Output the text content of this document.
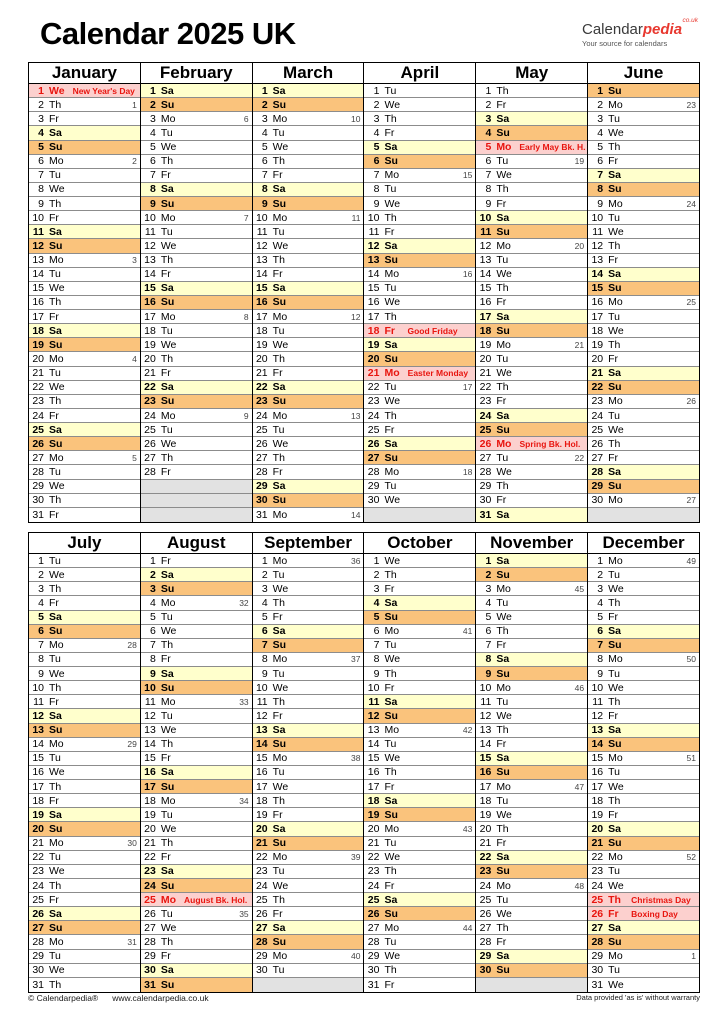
Calendar 2025 UK	Calendarpedia
co.uk
Your source for calendars
January
1 We New Year's Day
2 Th	1
3 Fr
4 Sa
5 Su
6 Mo	2
7 Tu
8 We
9 Th
10 Fr
11 Sa
12 Su
13 Mo	3
14 Tu
15 We
16 Th
17 Fr
18 Sa
19 Su
20 Mo	4
21 Tu
22 We
23 Th
24 Fr
25 Sa
26 Su
27 Mo	5
28 Tu
29 We
30 Th
31 Fr
February
1 Sa
2 Su
3 Mo	6
4 Tu
5 We
6 Th
7 Fr
8 Sa
9 Su
10 Mo	7
11 Tu
12 We
13 Th
14 Fr
15 Sa
16 Su
17 Mo	8
18 Tu
19 We
20 Th
21 Fr
22 Sa
23 Su
24 Mo	9
25 Tu
26 We
27 Th
28 Fr
March
1 Sa
2 Su
3 Mo	10
4 Tu
5 We
6 Th
7 Fr
8 Sa
9 Su
10 Mo	11
11 Tu
12 We
13 Th
14 Fr
15 Sa
16 Su
17 Mo	12
18 Tu
19 We
20 Th
21 Fr
22 Sa
23 Su
24 Mo	13
25 Tu
26 We
27 Th
28 Fr
29 Sa
30 Su
31 Mo	14
April
1 Tu
2 We
3 Th
4 Fr
5 Sa
6 Su
7 Mo	15
8 Tu
9 We
10 Th
11 Fr
12 Sa
13 Su
14 Mo	16
15 Tu
16 We
17 Th
18 Fr	Good Friday
19 Sa
20 Su
21 Mo Easter Monday
22 Tu	17
23 We
24 Th
25 Fr
26 Sa
27 Su
28 Mo	18
29 Tu
30 We
May
1 Th
2 Fr
3 Sa
4 Su
5 Mo Early May Bk. H.
6 Tu	19
7 We
8 Th
9 Fr
10 Sa
11 Su
12 Mo	20
13 Tu
14 We
15 Th
16 Fr
17 Sa
18 Su
19 Mo	21
20 Tu
21 We
22 Th
23 Fr
24 Sa
25 Su
26 Mo Spring Bk. Hol.
27 Tu	22
28 We
29 Th
30 Fr
31 Sa
June
1 Su
2 Mo	23
3 Tu
4 We
5 Th
6 Fr
7 Sa
8 Su
9 Mo	24
10 Tu
11 We
12 Th
13 Fr
14 Sa
15 Su
16 Mo	25
17 Tu
18 We
19 Th
20 Fr
21 Sa
22 Su
23 Mo	26
24 Tu
25 We
26 Th
27 Fr
28 Sa
29 Su
30 Mo	27
July
1 Tu
2 We
3 Th
4 Fr
5 Sa
6 Su
7 Mo	28
8 Tu
9 We
10 Th
11 Fr
12 Sa
13 Su
14 Mo	29
15 Tu
16 We
17 Th
18 Fr
19 Sa
20 Su
21 Mo	30
22 Tu
23 We
24 Th
25 Fr
26 Sa
27 Su
28 Mo	31
29 Tu
30 We
31 Th
August
1 Fr
2 Sa
3 Su
4 Mo	32
5 Tu
6 We
7 Th
8 Fr
9 Sa
10 Su
11 Mo	33
12 Tu
13 We
14 Th
15 Fr
16 Sa
17 Su
18 Mo	34
19 Tu
20 We
21 Th
22 Fr
23 Sa
24 Su
25 Mo August Bk. Hol.
26 Tu	35
27 We
28 Th
29 Fr
30 Sa
31 Su
September
1 Mo	36
2 Tu
3 We
4 Th
5 Fr
6 Sa
7 Su
8 Mo	37
9 Tu
10 We
11 Th
12 Fr
13 Sa
14 Su
15 Mo	38
16 Tu
17 We
18 Th
19 Fr
20 Sa
21 Su
22 Mo	39
23 Tu
24 We
25 Th
26 Fr
27 Sa
28 Su
29 Mo	40
30 Tu
October
1 We
2 Th
3 Fr
4 Sa
5 Su
6 Mo	41
7 Tu
8 We
9 Th
10 Fr
11 Sa
12 Su
13 Mo	42
14 Tu
15 We
16 Th
17 Fr
18 Sa
19 Su
20 Mo	43
21 Tu
22 We
23 Th
24 Fr
25 Sa
26 Su
27 Mo	44
28 Tu
29 We
30 Th
31 Fr
November
1 Sa
2 Su
3 Mo	45
4 Tu
5 We
6 Th
7 Fr
8 Sa
9 Su
10 Mo	46
11 Tu
12 We
13 Th
14 Fr
15 Sa
16 Su
17 Mo	47
18 Tu
19 We
20 Th
21 Fr
22 Sa
23 Su
24 Mo	48
25 Tu
26 We
27 Th
28 Fr
29 Sa
30 Su
December
1 Mo	49
2 Tu
3 We
4 Th
5 Fr
6 Sa
7 Su
8 Mo	50
9 Tu
10 We
11 Th
12 Fr
13 Sa
14 Su
15 Mo	51
16 Tu
17 We
18 Th
19 Fr
20 Sa
21 Su
22 Mo	52
23 Tu
24 We
25 Th Christmas Day
26 Fr	Boxing Day
27 Sa
28 Su
29 Mo	1
30 Tu
31 We
© Calendarpedia® www.calendarpedia.co.uk	Data provided 'as is' without warranty
